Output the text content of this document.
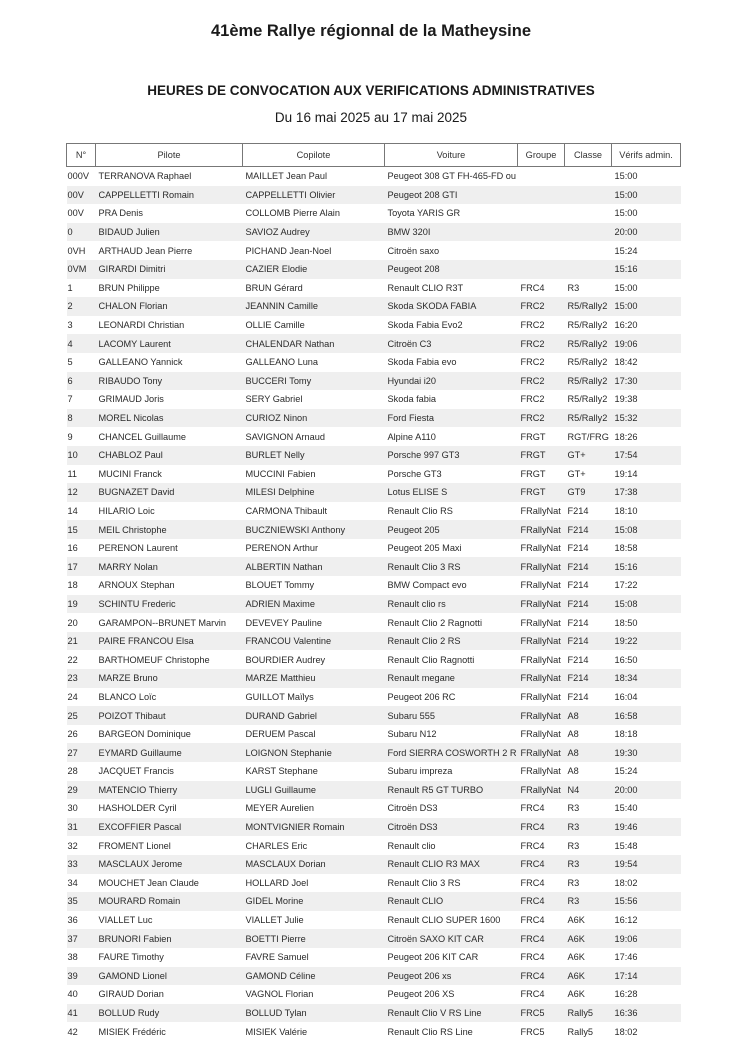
41ème Rallye régionnal de la Matheysine
HEURES DE CONVOCATION AUX VERIFICATIONS ADMINISTRATIVES
Du 16 mai 2025 au 17 mai 2025
N°	Pilote	Copilote	Voiture	Groupe	Classe	Vérifs admin.
000V	TERRANOVA Raphael	MAILLET Jean Paul	Peugeot 308 GT FH-465-FD ou			15:00
00V	CAPPELLETTI Romain	CAPPELLETTI Olivier	Peugeot 208 GTI			15:00
00V	PRA Denis	COLLOMB Pierre Alain	Toyota YARIS GR			15:00
0	BIDAUD Julien	SAVIOZ Audrey	BMW 320I			20:00
0VH	ARTHAUD Jean Pierre	PICHAND Jean-Noel	Citroën saxo			15:24
0VM	GIRARDI Dimitri	CAZIER Elodie	Peugeot 208			15:16
1	BRUN Philippe	BRUN Gérard	Renault CLIO R3T	FRC4	R3	15:00
2	CHALON Florian	JEANNIN Camille	Skoda SKODA FABIA	FRC2	R5/Rally2	15:00
3	LEONARDI Christian	OLLIE Camille	Skoda Fabia Evo2	FRC2	R5/Rally2	16:20
4	LACOMY Laurent	CHALENDAR Nathan	Citroën C3	FRC2	R5/Rally2	19:06
5	GALLEANO Yannick	GALLEANO Luna	Skoda Fabia evo	FRC2	R5/Rally2	18:42
6	RIBAUDO Tony	BUCCERI Tomy	Hyundai i20	FRC2	R5/Rally2	17:30
7	GRIMAUD Joris	SERY Gabriel	Skoda fabia	FRC2	R5/Rally2	19:38
8	MOREL Nicolas	CURIOZ Ninon	Ford Fiesta	FRC2	R5/Rally2	15:32
9	CHANCEL Guillaume	SAVIGNON Arnaud	Alpine A110	FRGT	RGT/FRG	18:26
10	CHABLOZ Paul	BURLET Nelly	Porsche 997 GT3	FRGT	GT+	17:54
11	MUCINI Franck	MUCCINI Fabien	Porsche GT3	FRGT	GT+	19:14
12	BUGNAZET David	MILESI Delphine	Lotus ELISE S	FRGT	GT9	17:38
14	HILARIO Loic	CARMONA Thibault	Renault Clio RS	FRallyNat	F214	18:10
15	MEIL Christophe	BUCZNIEWSKI Anthony	Peugeot 205	FRallyNat	F214	15:08
16	PERENON Laurent	PERENON Arthur	Peugeot 205 Maxi	FRallyNat	F214	18:58
17	MARRY Nolan	ALBERTIN Nathan	Renault Clio 3 RS	FRallyNat	F214	15:16
18	ARNOUX Stephan	BLOUET Tommy	BMW Compact evo	FRallyNat	F214	17:22
19	SCHINTU Frederic	ADRIEN Maxime	Renault clio rs	FRallyNat	F214	15:08
20	GARAMPON--BRUNET Marvin	DEVEVEY Pauline	Renault Clio 2 Ragnotti	FRallyNat	F214	18:50
21	PAIRE FRANCOU Elsa	FRANCOU Valentine	Renault Clio 2 RS	FRallyNat	F214	19:22
22	BARTHOMEUF Christophe	BOURDIER Audrey	Renault Clio Ragnotti	FRallyNat	F214	16:50
23	MARZE Bruno	MARZE Matthieu	Renault megane	FRallyNat	F214	18:34
24	BLANCO Loïc	GUILLOT Maïlys	Peugeot 206 RC	FRallyNat	F214	16:04
25	POIZOT Thibaut	DURAND Gabriel	Subaru 555	FRallyNat	A8	16:58
26	BARGEON Dominique	DERUEM Pascal	Subaru N12	FRallyNat	A8	18:18
27	EYMARD Guillaume	LOIGNON Stephanie	Ford SIERRA COSWORTH 2 R	FRallyNat	A8	19:30
28	JACQUET Francis	KARST Stephane	Subaru impreza	FRallyNat	A8	15:24
29	MATENCIO Thierry	LUGLI Guillaume	Renault R5 GT TURBO	FRallyNat	N4	20:00
30	HASHOLDER Cyril	MEYER Aurelien	Citroën DS3	FRC4	R3	15:40
31	EXCOFFIER Pascal	MONTVIGNIER Romain	Citroën DS3	FRC4	R3	19:46
32	FROMENT Lionel	CHARLES Eric	Renault clio	FRC4	R3	15:48
33	MASCLAUX Jerome	MASCLAUX Dorian	Renault CLIO R3 MAX	FRC4	R3	19:54
34	MOUCHET Jean Claude	HOLLARD Joel	Renault Clio 3 RS	FRC4	R3	18:02
35	MOURARD Romain	GIDEL Morine	Renault CLIO	FRC4	R3	15:56
36	VIALLET Luc	VIALLET Julie	Renault CLIO SUPER 1600	FRC4	A6K	16:12
37	BRUNORI Fabien	BOETTI Pierre	Citroën SAXO KIT CAR	FRC4	A6K	19:06
38	FAURE Timothy	FAVRE Samuel	Peugeot 206 KIT CAR	FRC4	A6K	17:46
39	GAMOND Lionel	GAMOND Céline	Peugeot 206 xs	FRC4	A6K	17:14
40	GIRAUD Dorian	VAGNOL Florian	Peugeot 206 XS	FRC4	A6K	16:28
41	BOLLUD Rudy	BOLLUD Tylan	Renault Clio V RS Line	FRC5	Rally5	16:36
42	MISIEK Frédéric	MISIEK Valérie	Renault Clio RS Line	FRC5	Rally5	18:02
